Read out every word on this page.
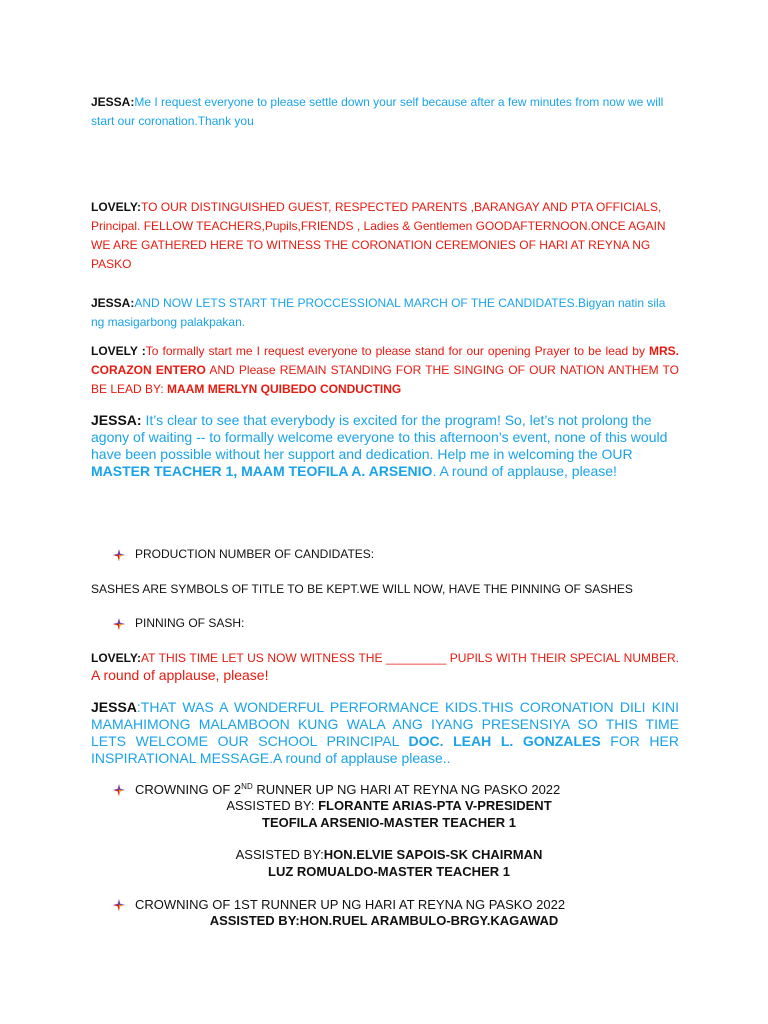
JESSA:Me I request everyone to please settle down your self because after a few minutes from now we will start our coronation.Thank you

LOVELY:TO OUR DISTINGUISHED GUEST, RESPECTED PARENTS ,BARANGAY AND PTA OFFICIALS, Principal. FELLOW TEACHERS,Pupils,FRIENDS , Ladies & Gentlemen GOODAFTERNOON.ONCE AGAIN WE ARE GATHERED HERE TO WITNESS THE CORONATION CEREMONIES OF HARI AT REYNA NG PASKO

JESSA:AND NOW LETS START THE PROCCESSIONAL MARCH OF THE CANDIDATES.Bigyan natin sila ng masigarbong palakpakan.

LOVELY :To formally start me I request everyone to please stand for our opening Prayer to be lead by MRS. CORAZON ENTERO AND Please REMAIN STANDING FOR THE SINGING OF OUR NATION ANTHEM TO BE LEAD BY: MAAM MERLYN QUIBEDO CONDUCTING

JESSA: It’s clear to see that everybody is excited for the program! So, let’s not prolong the agony of waiting -- to formally welcome everyone to this afternoon’s event, none of this would have been possible without her support and dedication. Help me in welcoming the OUR MASTER TEACHER 1, MAAM TEOFILA A. ARSENIO. A round of applause, please!

PRODUCTION NUMBER OF CANDIDATES:

SASHES ARE SYMBOLS OF TITLE TO BE KEPT.WE WILL NOW, HAVE THE PINNING OF SASHES

PINNING OF SASH:

LOVELY:AT THIS TIME LET US NOW WITNESS THE _________ PUPILS WITH THEIR SPECIAL NUMBER. A round of applause, please!

JESSA:THAT WAS A WONDERFUL PERFORMANCE KIDS.THIS CORONATION DILI KINI MAMAHIMONG MALAMBOON KUNG WALA ANG IYANG PRESENSIYA SO THIS TIME LETS WELCOME OUR SCHOOL PRINCIPAL DOC. LEAH L. GONZALES FOR HER INSPIRATIONAL MESSAGE.A round of applause please..

CROWNING OF 2ND RUNNER UP NG HARI AT REYNA NG PASKO 2022
ASSISTED BY: FLORANTE ARIAS-PTA V-PRESIDENT
TEOFILA ARSENIO-MASTER TEACHER 1
ASSISTED BY:HON.ELVIE SAPOIS-SK CHAIRMAN
LUZ ROMUALDO-MASTER TEACHER 1
CROWNING OF 1ST RUNNER UP NG HARI AT REYNA NG PASKO 2022
ASSISTED BY:HON.RUEL ARAMBULO-BRGY.KAGAWAD
